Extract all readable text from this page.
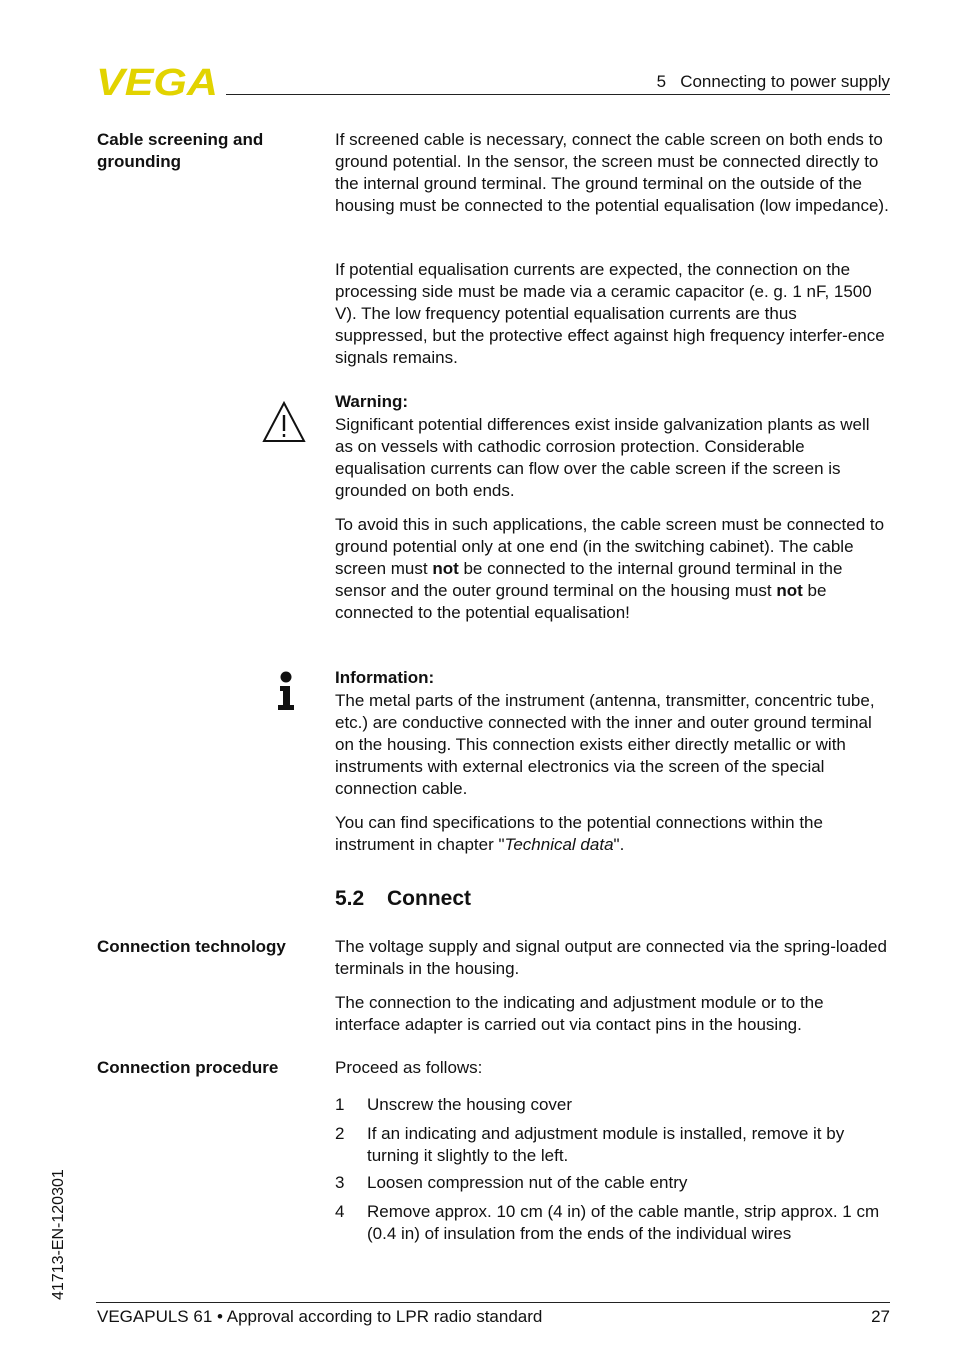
VEGA	5   Connecting to power supply
Cable screening and grounding
If screened cable is necessary, connect the cable screen on both ends to ground potential. In the sensor, the screen must be connected directly to the internal ground terminal. The ground terminal on the outside of the housing must be connected to the potential equalisation (low impedance).
If potential equalisation currents are expected, the connection on the processing side must be made via a ceramic capacitor (e. g. 1 nF, 1500 V). The low frequency potential equalisation currents are thus suppressed, but the protective effect against high frequency interfer-ence signals remains.
Warning:
Significant potential differences exist inside galvanization plants as well as on vessels with cathodic corrosion protection. Considerable equalisation currents can flow over the cable screen if the screen is grounded on both ends.
To avoid this in such applications, the cable screen must be connected to ground potential only at one end (in the switching cabinet). The cable screen must not be connected to the internal ground terminal in the sensor and the outer ground terminal on the housing must not be connected to the potential equalisation!
Information:
The metal parts of the instrument (antenna, transmitter, concentric tube, etc.) are conductive connected with the inner and outer ground terminal on the housing. This connection exists either directly metallic or with instruments with external electronics via the screen of the special connection cable.
You can find specifications to the potential connections within the instrument in chapter "Technical data".
5.2 Connect
Connection technology	The voltage supply and signal output are connected via the spring-loaded terminals in the housing.
The connection to the indicating and adjustment module or to the interface adapter is carried out via contact pins in the housing.
Connection procedure	Proceed as follows:
1	Unscrew the housing cover
2	If an indicating and adjustment module is installed, remove it by turning it slightly to the left.
3	Loosen compression nut of the cable entry
4	Remove approx. 10 cm (4 in) of the cable mantle, strip approx. 1 cm (0.4 in) of insulation from the ends of the individual wires
41713-EN-120301
VEGAPULS 61 • Approval according to LPR radio standard	27
